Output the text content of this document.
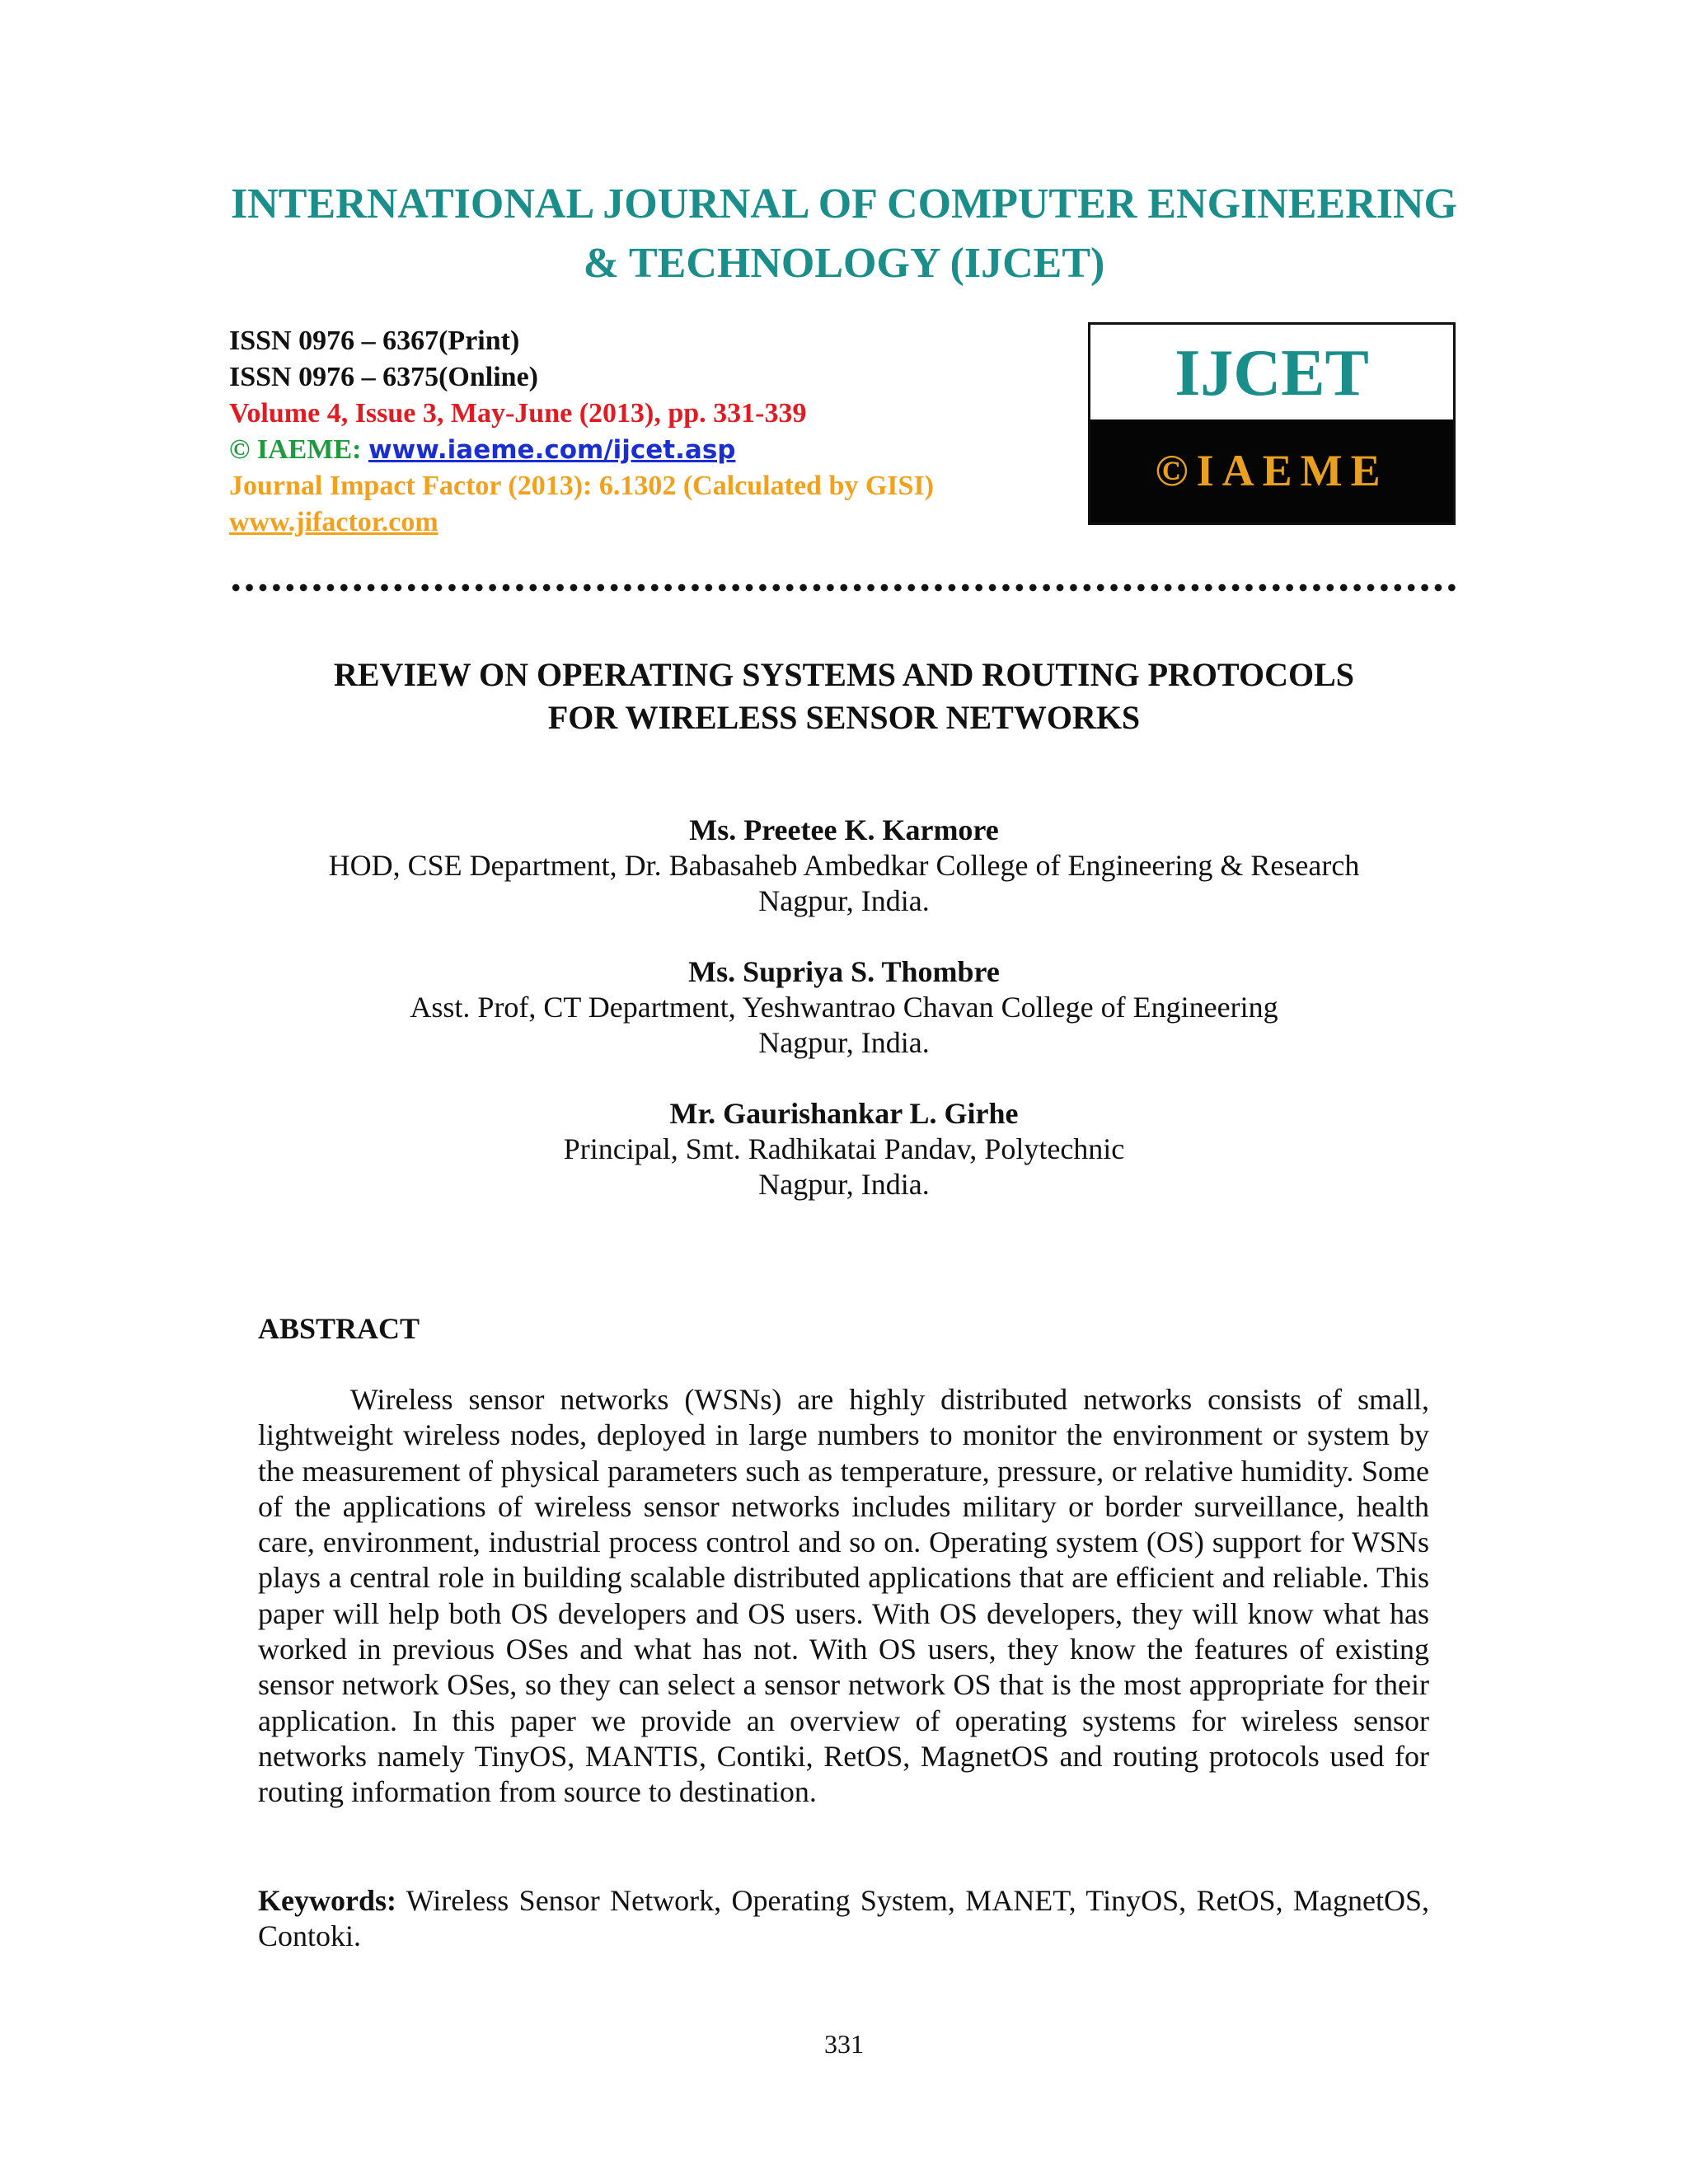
INTERNATIONAL JOURNAL OF COMPUTER ENGINEERING
& TECHNOLOGY (IJCET)
ISSN 0976 – 6367(Print)
ISSN 0976 – 6375(Online)
Volume 4, Issue 3, May-June (2013), pp. 331-339
© IAEME: www.iaeme.com/ijcet.asp
Journal Impact Factor (2013): 6.1302 (Calculated by GISI)
www.jifactor.com
IJCET
©IAEME
REVIEW ON OPERATING SYSTEMS AND ROUTING PROTOCOLS
FOR WIRELESS SENSOR NETWORKS
Ms. Preetee K. Karmore
HOD, CSE Department, Dr. Babasaheb Ambedkar College of Engineering & Research
Nagpur, India.
Ms. Supriya S. Thombre
Asst. Prof, CT Department, Yeshwantrao Chavan College of Engineering
Nagpur, India.
Mr. Gaurishankar L. Girhe
Principal, Smt. Radhikatai Pandav, Polytechnic
Nagpur, India.
ABSTRACT

Wireless sensor networks (WSNs) are highly distributed networks consists of small, lightweight wireless nodes, deployed in large numbers to monitor the environment or system by the measurement of physical parameters such as temperature, pressure, or relative humidity. Some of the applications of wireless sensor networks includes military or border surveillance, health care, environment, industrial process control and so on. Operating system (OS) support for WSNs plays a central role in building scalable distributed applications that are efficient and reliable. This paper will help both OS developers and OS users. With OS developers, they will know what has worked in previous OSes and what has not. With OS users, they know the features of existing sensor network OSes, so they can select a sensor network OS that is the most appropriate for their application. In this paper we provide an overview of operating systems for wireless sensor networks namely TinyOS, MANTIS, Contiki, RetOS, MagnetOS and routing protocols used for routing information from source to destination.

Keywords: Wireless Sensor Network, Operating System, MANET, TinyOS, RetOS, MagnetOS, Contoki.

331
